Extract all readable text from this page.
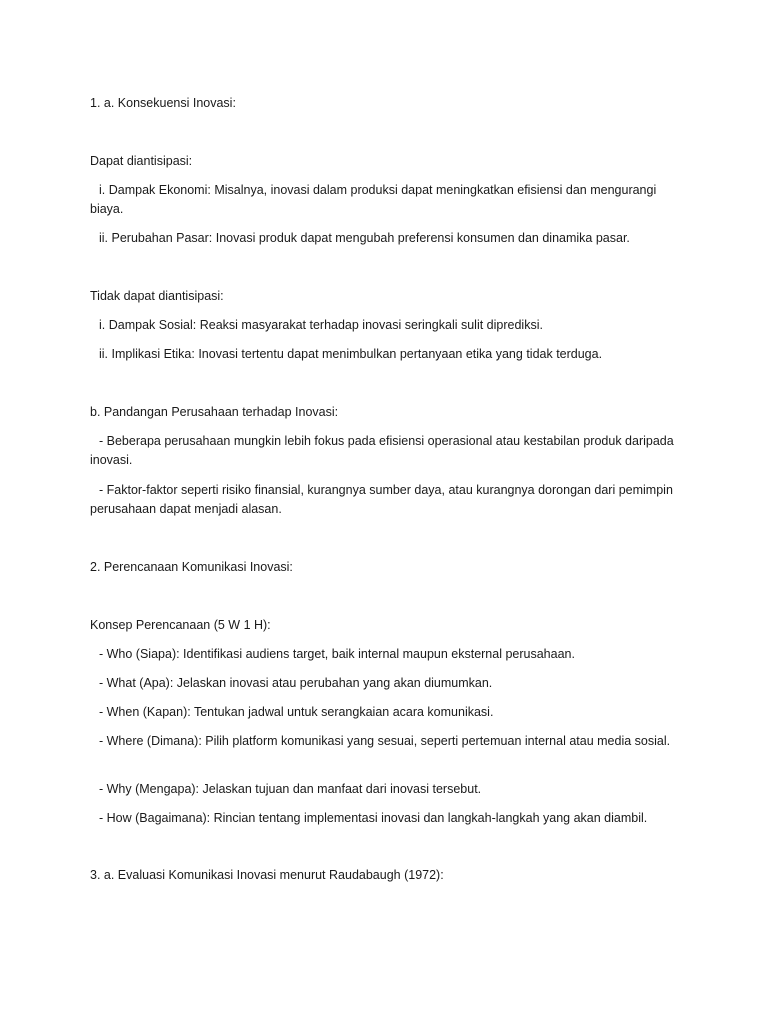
1. a. Konsekuensi Inovasi:

Dapat diantisipasi:

i. Dampak Ekonomi: Misalnya, inovasi dalam produksi dapat meningkatkan efisiensi dan mengurangi biaya.

ii. Perubahan Pasar: Inovasi produk dapat mengubah preferensi konsumen dan dinamika pasar.

Tidak dapat diantisipasi:

i. Dampak Sosial: Reaksi masyarakat terhadap inovasi seringkali sulit diprediksi.

ii. Implikasi Etika: Inovasi tertentu dapat menimbulkan pertanyaan etika yang tidak terduga.

b. Pandangan Perusahaan terhadap Inovasi:

- Beberapa perusahaan mungkin lebih fokus pada efisiensi operasional atau kestabilan produk daripada inovasi.

- Faktor-faktor seperti risiko finansial, kurangnya sumber daya, atau kurangnya dorongan dari pemimpin perusahaan dapat menjadi alasan.

2. Perencanaan Komunikasi Inovasi:

Konsep Perencanaan (5 W 1 H):

- Who (Siapa): Identifikasi audiens target, baik internal maupun eksternal perusahaan.

- What (Apa): Jelaskan inovasi atau perubahan yang akan diumumkan.

- When (Kapan): Tentukan jadwal untuk serangkaian acara komunikasi.

- Where (Dimana): Pilih platform komunikasi yang sesuai, seperti pertemuan internal atau media sosial.

- Why (Mengapa): Jelaskan tujuan dan manfaat dari inovasi tersebut.

- How (Bagaimana): Rincian tentang implementasi inovasi dan langkah-langkah yang akan diambil.

3. a. Evaluasi Komunikasi Inovasi menurut Raudabaugh (1972):
